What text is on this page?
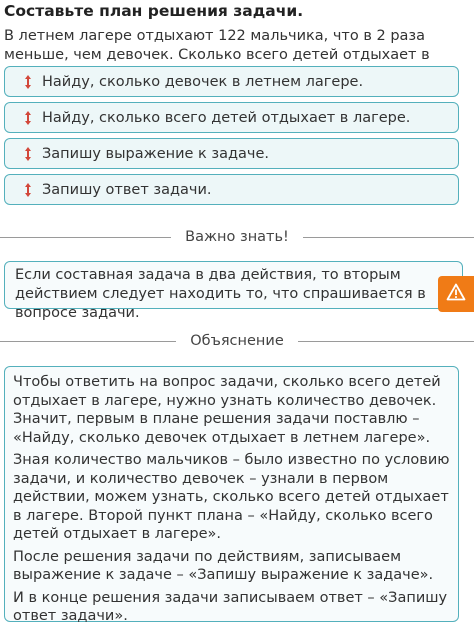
Составьте план решения задачи.
В летнем лагере отдыхают 122 мальчика, что в 2 раза меньше, чем девочек. Сколько всего детей отдыхает в
Найду, сколько девочек в летнем лагере.
Найду, сколько всего детей отдыхает в лагере.
Запишу выражение к задаче.
Запишу ответ задачи.
Важно знать!
Если составная задача в два действия, то вторым действием следует находить то, что спрашивается в вопросе задачи.
Объяснение

Чтобы ответить на вопрос задачи, сколько всего детей отдыхает в лагере, нужно узнать количество девочек. Значит, первым в плане решения задачи поставлю – «Найду, сколько девочек отдыхает в летнем лагере».

Зная количество мальчиков – было известно по условию задачи, и количество девочек – узнали в первом действии, можем узнать, сколько всего детей отдыхает в лагере. Второй пункт плана – «Найду, сколько всего детей отдыхает в лагере».

После решения задачи по действиям, записываем выражение к задаче – «Запишу выражение к задаче».

И в конце решения задачи записываем ответ – «Запишу ответ задачи».
